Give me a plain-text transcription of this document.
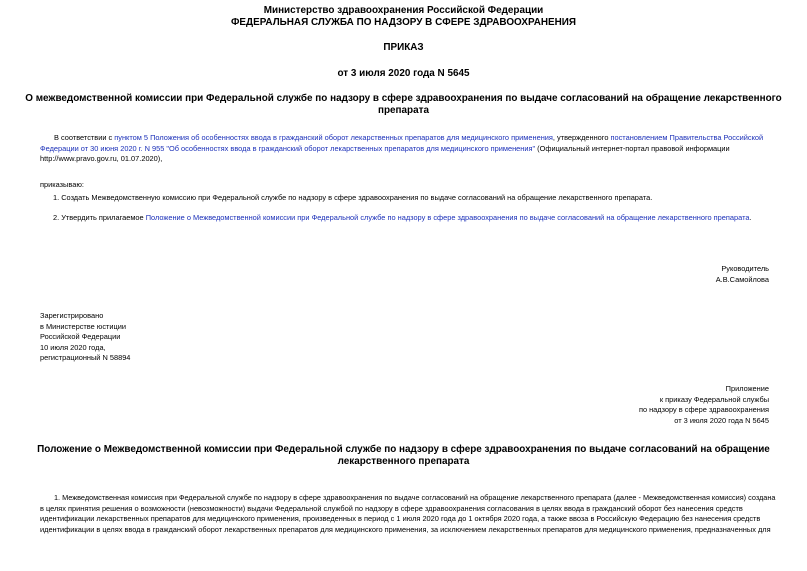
Министерство здравоохранения Российской Федерации
ФЕДЕРАЛЬНАЯ СЛУЖБА ПО НАДЗОРУ В СФЕРЕ ЗДРАВООХРАНЕНИЯ
ПРИКАЗ
от 3 июля 2020 года N 5645
О межведомственной комиссии при Федеральной службе по надзору в сфере здравоохранения по выдаче согласований на обращение лекарственного препарата
В соответствии с пунктом 5 Положения об особенностях ввода в гражданский оборот лекарственных препаратов для медицинского применения, утвержденного постановлением Правительства Российской
Федерации от 30 июня 2020 г. N 955 "Об особенностях ввода в гражданский оборот лекарственных препаратов для медицинского применения" (Официальный интернет-портал правовой информации
http://www.pravo.gov.ru, 01.07.2020),
приказываю:
1. Создать Межведомственную комиссию при Федеральной службе по надзору в сфере здравоохранения по выдаче согласований на обращение лекарственного препарата.
2. Утвердить прилагаемое Положение о Межведомственной комиссии при Федеральной службе по надзору в сфере здравоохранения по выдаче согласований на обращение лекарственного препарата.
Руководитель
А.В.Самойлова
Зарегистрировано
в Министерстве юстиции
Российской Федерации
10 июля 2020 года,
регистрационный N 58894
Приложение
к приказу Федеральной службы
по надзору в сфере здравоохранения
от 3 июля 2020 года N 5645
Положение о Межведомственной комиссии при Федеральной службе по надзору в сфере здравоохранения по выдаче согласований на обращение
лекарственного препарата
1. Межведомственная комиссия при Федеральной службе по надзору в сфере здравоохранения по выдаче согласований на обращение лекарственного препарата (далее - Межведомственная комиссия) создана
в целях принятия решения о возможности (невозможности) выдачи Федеральной службой по надзору в сфере здравоохранения согласования в целях ввода в гражданский оборот без нанесения средств
идентификации лекарственных препаратов для медицинского применения, произведенных в период с 1 июля 2020 года до 1 октября 2020 года, а также ввоза в Российскую Федерацию без нанесения средств
идентификации в целях ввода в гражданский оборот лекарственных препаратов для медицинского применения, за исключением лекарственных препаратов для медицинского применения, предназначенных для
